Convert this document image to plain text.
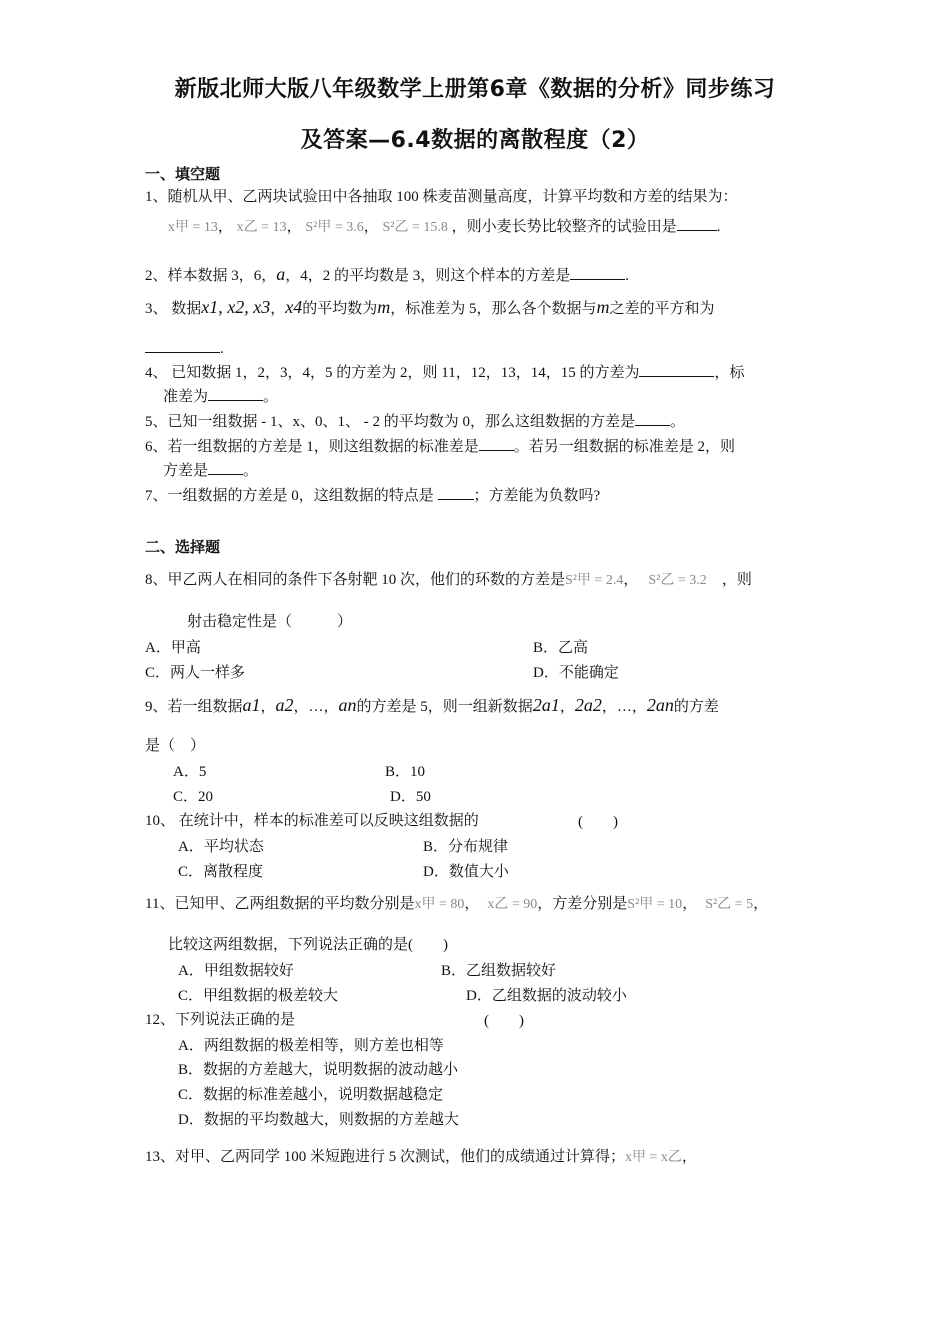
新版北师大版八年级数学上册第6章《数据的分析》同步练习
及答案—6.4数据的离散程度（2）
一、填空题
1、随机从甲、乙两块试验田中各抽取 100 株麦苗测量高度，计算平均数和方差的结果为：
x甲 = 13， x乙 = 13， S²甲 = 3.6， S²乙 = 15.8 ，则小麦长势比较整齐的试验田是	.
2、样本数据 3，6，a，4，2 的平均数是 3，则这个样本的方差是	.
3、 数据x1, x2, x3，x4的平均数为m，标准差为 5，那么各个数据与m之差的平方和为
.
4、 已知数据 1，2，3，4，5 的方差为 2，则 11，12，13，14，15 的方差为	，标
准差为	。
5、已知一组数据 - 1、x、0、1、 - 2 的平均数为 0，那么这组数据的方差是 。
6、若一组数据的方差是 1，则这组数据的标准差是 。若另一组数据的标准差是 2，则
方差是 。
7、一组数据的方差是 0，这组数据的特点是	；方差能为负数吗?
二、选择题
8、甲乙两人在相同的条件下各射靶 10 次，他们的环数的方差是S²甲 = 2.4， S²乙 = 3.2　 ，则
射击稳定性是（　　　）
A．甲高	B．乙高
C．两人一样多	D．不能确定
9、若一组数据a1，a2，…，an的方差是 5，则一组新数据2a1，2a2，…，2an的方差
是（　）
A．5	B．10
C．20	D．50
10、 在统计中，样本的标准差可以反映这组数据的	(　　)
A．平均状态	B．分布规律
C．离散程度	D．数值大小
11、已知甲、乙两组数据的平均数分别是x甲 = 80， x乙 = 90，方差分别是S²甲 = 10， S²乙 = 5，
比较这两组数据，下列说法正确的是(　　)
A．甲组数据较好	B．乙组数据较好
C．甲组数据的极差较大	D．乙组数据的波动较小
12、下列说法正确的是	(　　)
A．两组数据的极差相等，则方差也相等
B．数据的方差越大，说明数据的波动越小
C．数据的标准差越小，说明数据越稳定
D．数据的平均数越大，则数据的方差越大
13、对甲、乙两同学 100 米短跑进行 5 次测试，他们的成绩通过计算得；x甲 = x乙，
